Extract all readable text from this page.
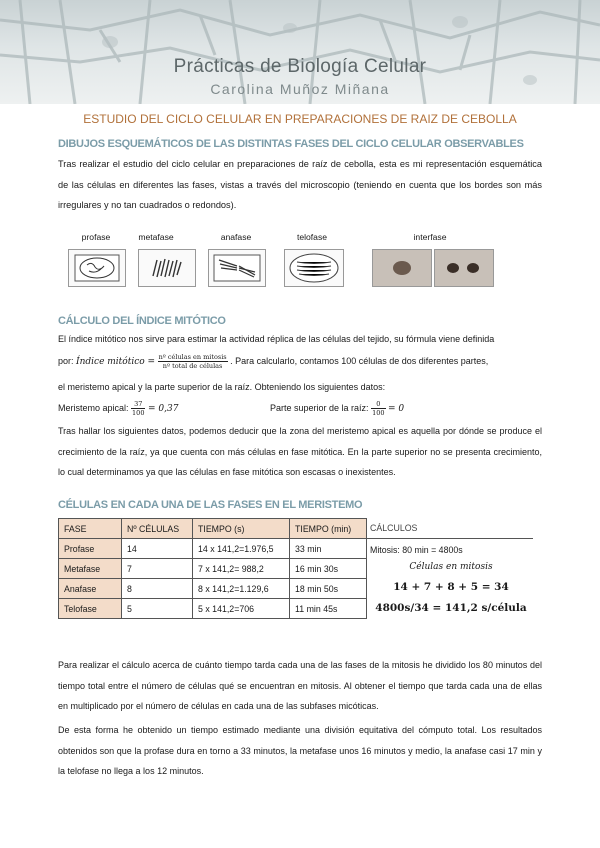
Prácticas de Biología Celular
Carolina Muñoz Miñana
ESTUDIO DEL CICLO CELULAR EN PREPARACIONES DE RAIZ DE CEBOLLA
DIBUJOS ESQUEMÁTICOS DE LAS DISTINTAS FASES DEL CICLO CELULAR OBSERVABLES
Tras realizar el estudio del ciclo celular en preparaciones de raíz de cebolla, esta es mi representación esquemática de las células en diferentes las fases, vistas a través del microscopio (teniendo en cuenta que los bordes son más irregulares y no tan cuadrados o redondos).
profase	metafase	anafase	telofase	interfase
CÁLCULO DEL ÍNDICE MITÓTICO
El índice mitótico nos sirve para estimar la actividad réplica de las células del tejido, su fórmula viene definida
por: Índice mitótico = $\frac{\text{nº células en mitosis}}{\text{nº total de células}}$ . Para calcularlo, contamos 100 células de dos diferentes partes,
el meristemo apical y la parte superior de la raíz. Obteniendo los siguientes datos:
Meristemo apical: $\frac{37}{100} = 0,37$	Parte superior de la raíz: $\frac{0}{100} = 0$
Tras hallar los siguientes datos, podemos deducir que la zona del meristemo apical es aquella por dónde se produce el crecimiento de la raíz, ya que cuenta con más células en fase mitótica. En la parte superior no se presenta crecimiento, lo cual determinamos ya que las células en fase mitótica son escasas o inexistentes.
CÉLULAS EN CADA UNA DE LAS FASES EN EL MERISTEMO
FASE	Nº CÉLULAS	TIEMPO (s)	TIEMPO (min)
Profase	14	14 x 141,2=1.976,5	33 min
Metafase	7	7 x 141,2= 988,2	16 min 30s
Anafase	8	8 x 141,2=1.129,6	18 min 50s
Telofase	5	5 x 141,2=706	11 min 45s
CÁLCULOS
Mitosis: 80 min = 4800s
Células en mitosis
14 + 7 + 8 + 5 = 34
4800s/34 = 141,2 s/célula
Para realizar el cálculo acerca de cuánto tiempo tarda cada una de las fases de la mitosis he dividido los 80 minutos del tiempo total entre el número de células qué se encuentran en mitosis. Al obtener el tiempo que tarda cada una de ellas en multiplicado por el número de células en cada una de las subfases micóticas.
De esta forma he obtenido un tiempo estimado mediante una división equitativa del cómputo total. Los resultados obtenidos son que la profase dura en torno a 33 minutos, la metafase unos 16 minutos y medio, la anafase casi 17 min y la telofase no llega a los 12 minutos.
